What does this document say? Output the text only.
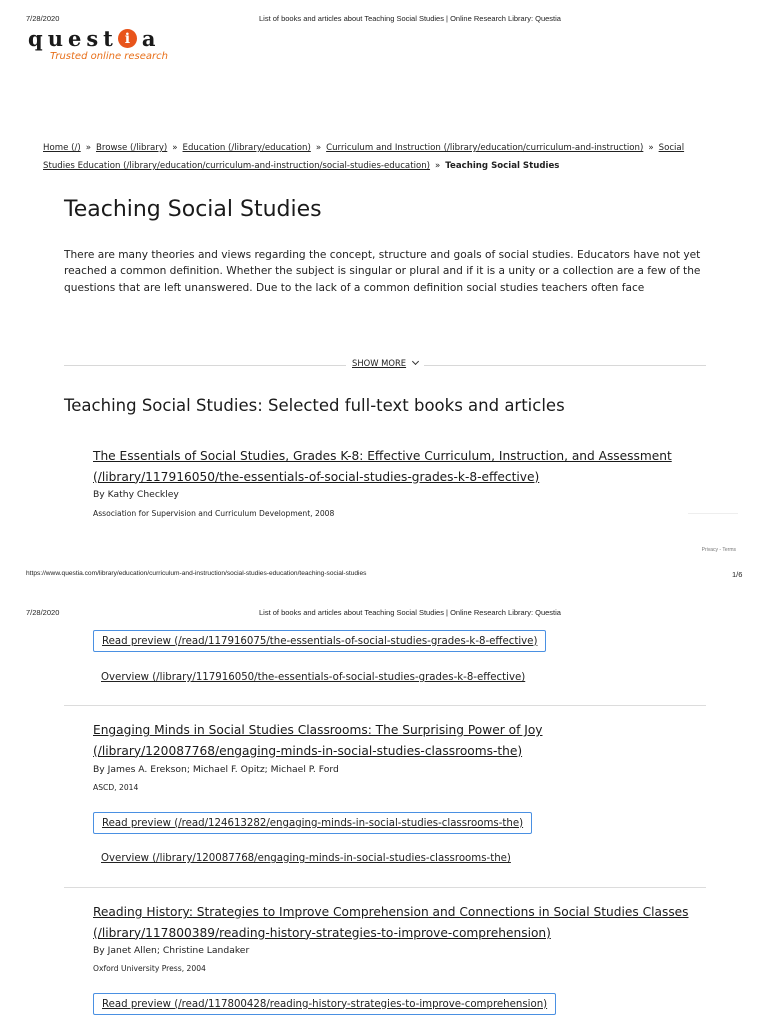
7/28/2020	List of books and articles about Teaching Social Studies | Online Research Library: Questia
q u e s t i a
Trusted online research
Home (/) » Browse (/library) » Education (/library/education) » Curriculum and Instruction (/library/education/curriculum-and-instruction) » Social Studies Education (/library/education/curriculum-and-instruction/social-studies-education) » Teaching Social Studies
Teaching Social Studies

There are many theories and views regarding the concept, structure and goals of social studies. Educators have not yet reached a common definition. Whether the subject is singular or plural and if it is a unity or a collection are a few of the questions that are left unanswered. Due to the lack of a common definition social studies teachers often face

SHOW MORE
Teaching Social Studies: Selected full-text books and articles
The Essentials of Social Studies, Grades K-8: Effective Curriculum, Instruction, and Assessment (/library/117916050/the-essentials-of-social-studies-grades-k-8-effective)
By Kathy Checkley
Association for Supervision and Curriculum Development, 2008
Privacy - Terms
https://www.questia.com/library/education/curriculum-and-instruction/social-studies-education/teaching-social-studies	1/6
7/28/2020	List of books and articles about Teaching Social Studies | Online Research Library: Questia
Read preview (/read/117916075/the-essentials-of-social-studies-grades-k-8-effective)
Overview (/library/117916050/the-essentials-of-social-studies-grades-k-8-effective)
Engaging Minds in Social Studies Classrooms: The Surprising Power of Joy (/library/120087768/engaging-minds-in-social-studies-classrooms-the)
By James A. Erekson; Michael F. Opitz; Michael P. Ford
ASCD, 2014
Read preview (/read/124613282/engaging-minds-in-social-studies-classrooms-the)
Overview (/library/120087768/engaging-minds-in-social-studies-classrooms-the)
Reading History: Strategies to Improve Comprehension and Connections in Social Studies Classes (/library/117800389/reading-history-strategies-to-improve-comprehension)
By Janet Allen; Christine Landaker
Oxford University Press, 2004
Read preview (/read/117800428/reading-history-strategies-to-improve-comprehension)
